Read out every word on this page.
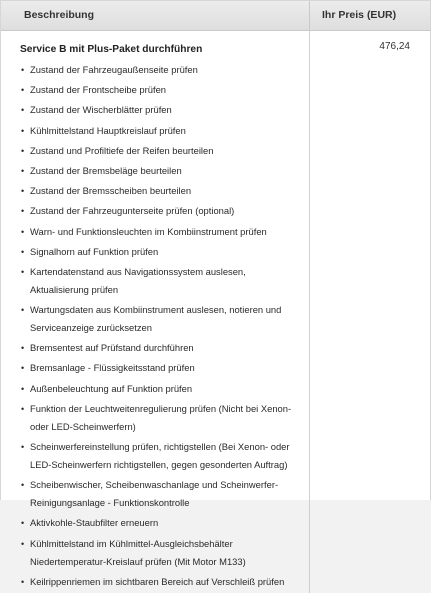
Beschreibung	Ihr Preis (EUR)
Service B mit Plus-Paket durchführen
• Zustand der Fahrzeugaußenseite prüfen
• Zustand der Frontscheibe prüfen
• Zustand der Wischerblätter prüfen
• Kühlmittelstand Hauptkreislauf prüfen
• Zustand und Profiltiefe der Reifen beurteilen
• Zustand der Bremsbeläge beurteilen
• Zustand der Bremsscheiben beurteilen
• Zustand der Fahrzeugunterseite prüfen (optional)
• Warn- und Funktionsleuchten im Kombiinstrument prüfen
• Signalhorn auf Funktion prüfen
• Kartendatenstand aus Navigationssystem auslesen, Aktualisierung prüfen
• Wartungsdaten aus Kombiinstrument auslesen, notieren und Serviceanzeige zurücksetzen
• Bremsentest auf Prüfstand durchführen
• Bremsanlage - Flüssigkeitsstand prüfen
• Außenbeleuchtung auf Funktion prüfen
• Funktion der Leuchtweitenregulierung prüfen (Nicht bei Xenon- oder LED-Scheinwerfern)
• Scheinwerfereinstellung prüfen, richtigstellen (Bei Xenon- oder LED-Scheinwerfern richtigstellen, gegen gesonderten Auftrag)
• Scheibenwischer, Scheibenwaschanlage und Scheinwerfer-Reinigungsanlage - Funktionskontrolle
• Aktivkohle-Staubfilter erneuern
• Kühlmittelstand im Kühlmittel-Ausgleichsbehälter Niedertemperatur-Kreislauf prüfen (Mit Motor M133)
• Keilrippenriemen im sichtbaren Bereich auf Verschleiß prüfen
476,24
